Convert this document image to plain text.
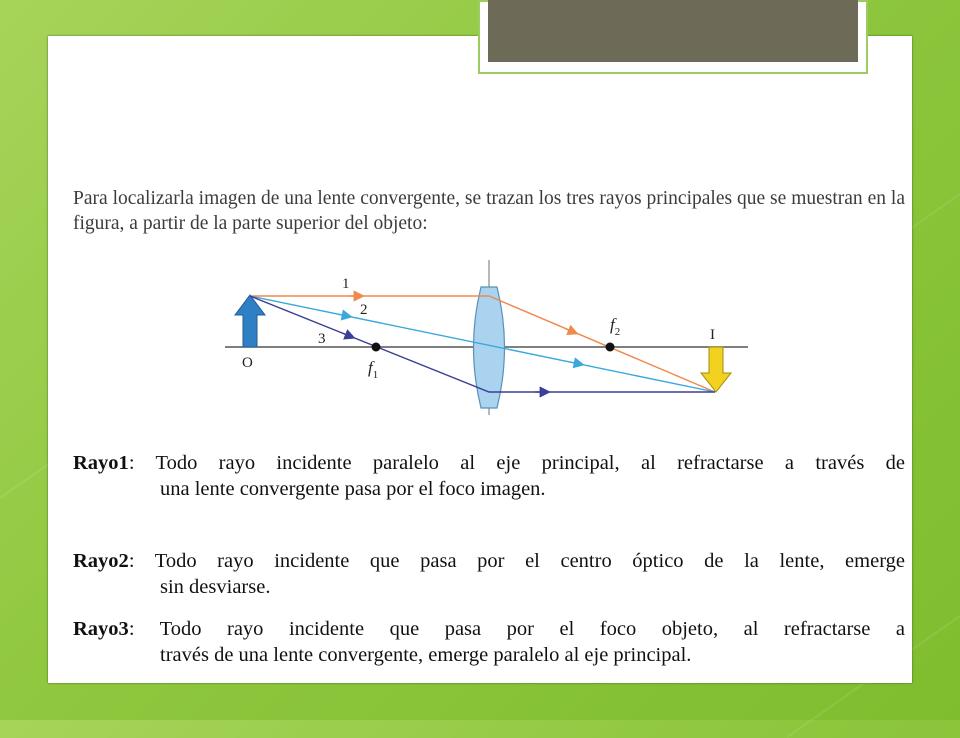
Para localizarla imagen de una lente convergente, se trazan los tres rayos principales que se muestran en la figura, a partir de la parte superior del objeto:
1
2
3
O
I
$f_1$
$f_2$
Rayo1: Todo rayo incidente paralelo al eje principal, al refractarse a través de
una lente convergente pasa por el foco imagen.
Rayo2: Todo rayo incidente que pasa por el centro óptico de la lente, emerge
sin desviarse.
Rayo3: Todo rayo incidente que pasa por el foco objeto, al refractarse a
través de una lente convergente, emerge paralelo al eje principal.
